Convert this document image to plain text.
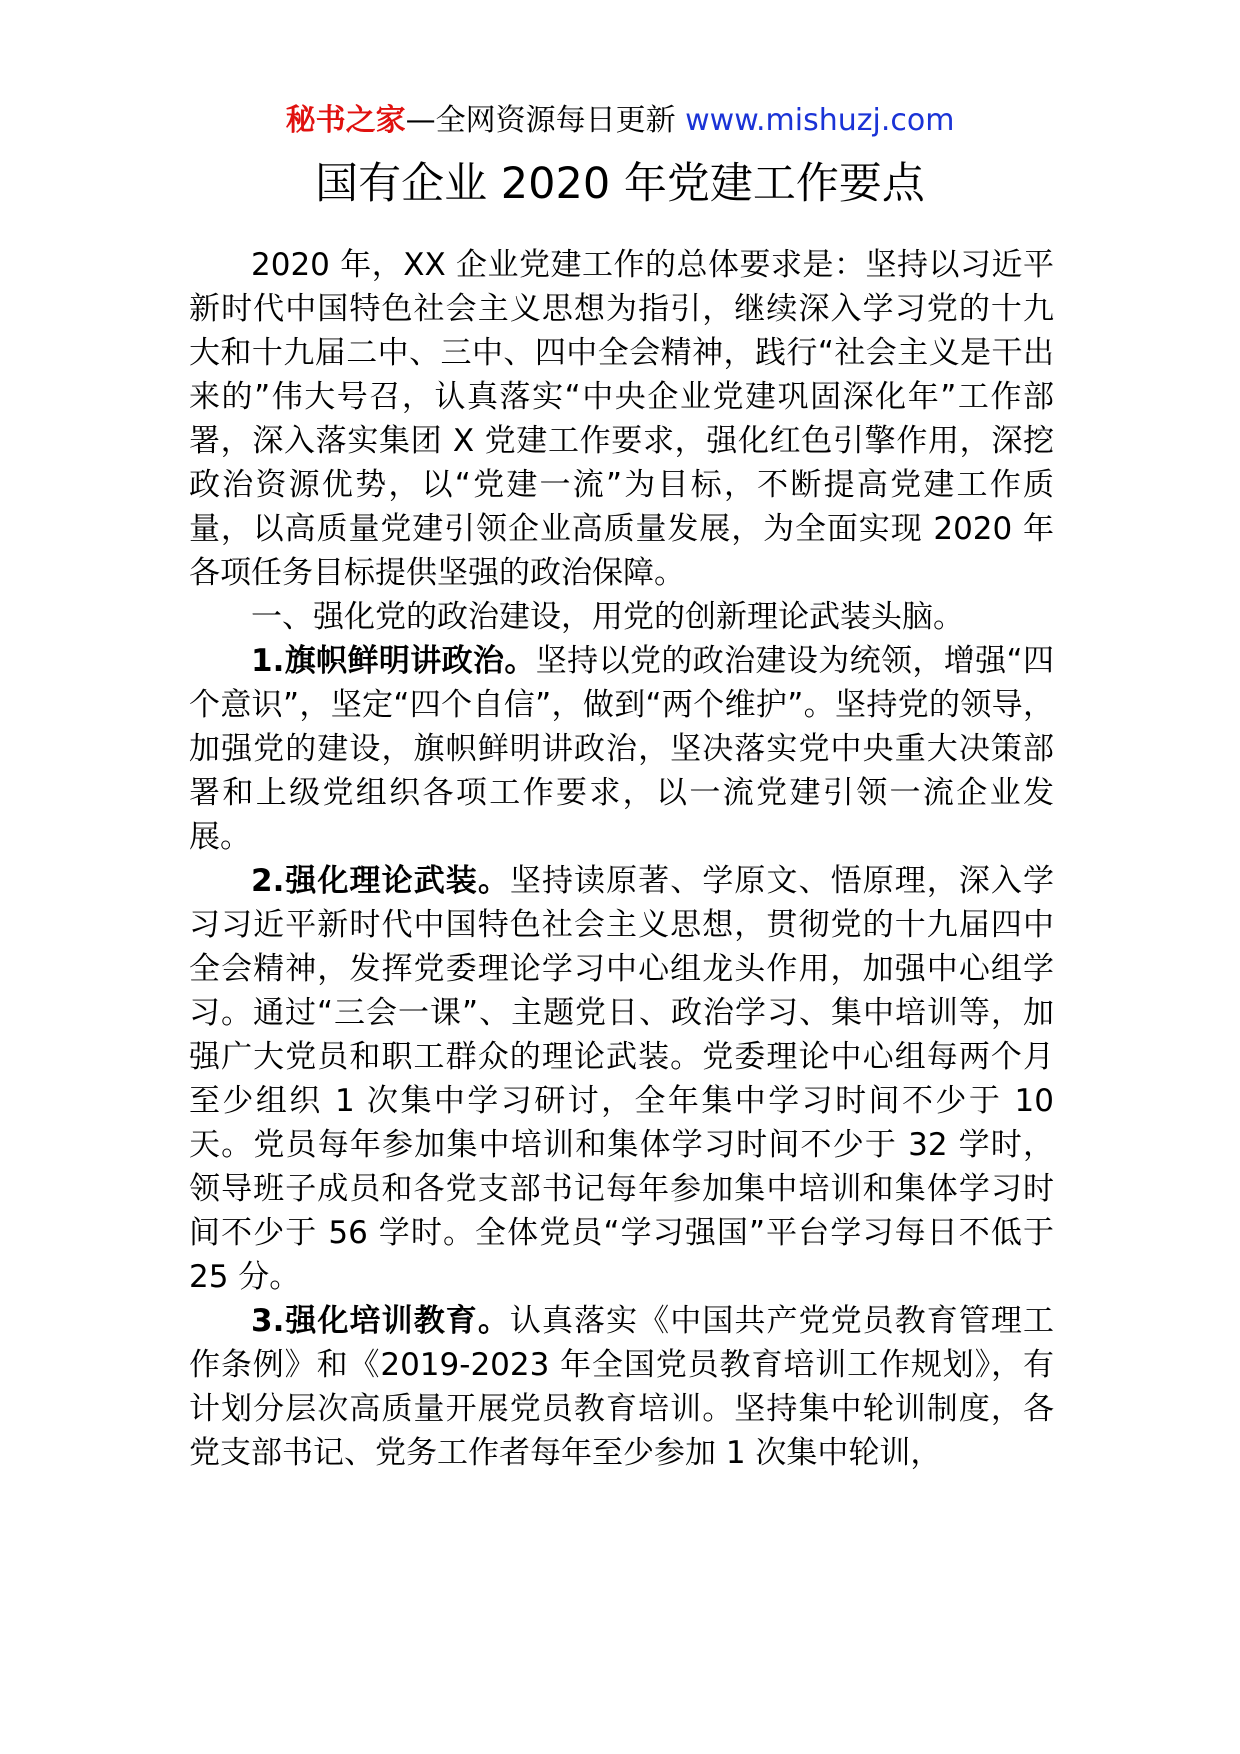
秘书之家—全网资源每日更新 www.mishuzj.com
国有企业 2020 年党建工作要点

2020 年，XX 企业党建工作的总体要求是：坚持以习近平新时代中国特色社会主义思想为指引，继续深入学习党的十九大和十九届二中、三中、四中全会精神，践行“社会主义是干出来的”伟大号召，认真落实“中央企业党建巩固深化年”工作部署，深入落实集团 X 党建工作要求，强化红色引擎作用，深挖政治资源优势，以“党建一流”为目标，不断提高党建工作质量，以高质量党建引领企业高质量发展，为全面实现 2020 年各项任务目标提供坚强的政治保障。

一、强化党的政治建设，用党的创新理论武装头脑。

1.旗帜鲜明讲政治。坚持以党的政治建设为统领，增强“四个意识”，坚定“四个自信”，做到“两个维护”。坚持党的领导，加强党的建设，旗帜鲜明讲政治，坚决落实党中央重大决策部署和上级党组织各项工作要求，以一流党建引领一流企业发展。

2.强化理论武装。坚持读原著、学原文、悟原理，深入学习习近平新时代中国特色社会主义思想，贯彻党的十九届四中全会精神，发挥党委理论学习中心组龙头作用，加强中心组学习。通过“三会一课”、主题党日、政治学习、集中培训等，加强广大党员和职工群众的理论武装。党委理论中心组每两个月至少组织 1 次集中学习研讨，全年集中学习时间不少于 10 天。党员每年参加集中培训和集体学习时间不少于 32 学时，领导班子成员和各党支部书记每年参加集中培训和集体学习时间不少于 56 学时。全体党员“学习强国”平台学习每日不低于 25 分。

3.强化培训教育。认真落实《中国共产党党员教育管理工作条例》和《2019-2023 年全国党员教育培训工作规划》，有计划分层次高质量开展党员教育培训。坚持集中轮训制度，各党支部书记、党务工作者每年至少参加 1 次集中轮训，
